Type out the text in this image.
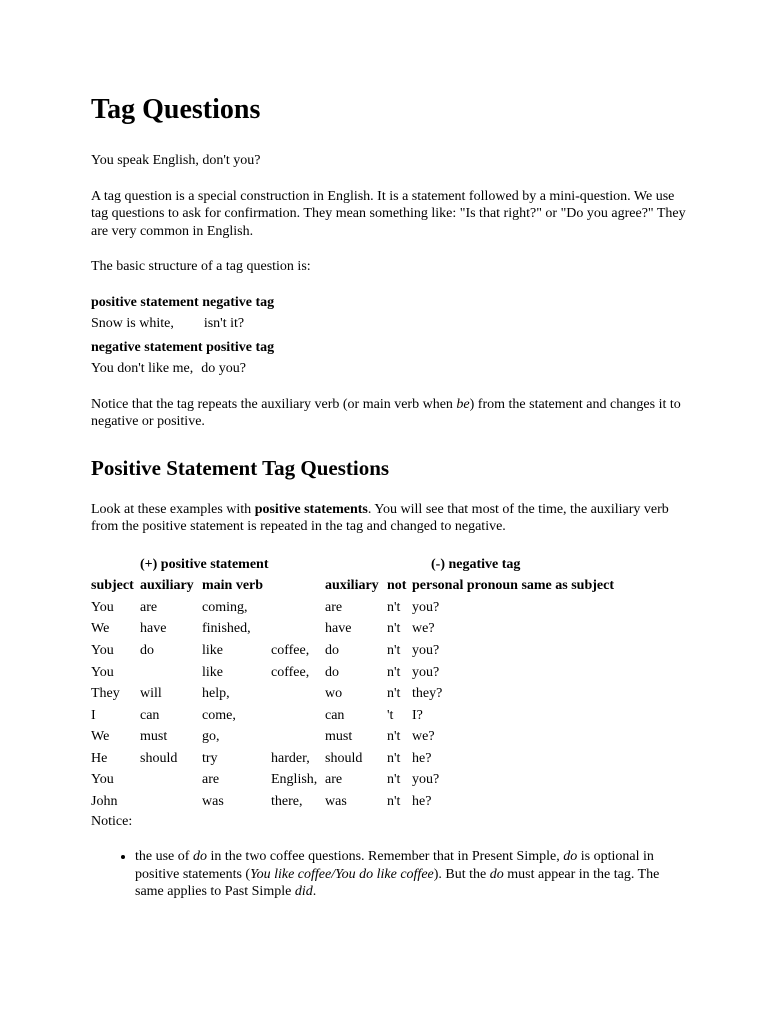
Tag Questions

You speak English, don't you?

A tag question is a special construction in English. It is a statement followed by a mini-question. We use tag questions to ask for confirmation. They mean something like: "Is that right?" or "Do you agree?" They are very common in English.

The basic structure of a tag question is:

positive statement negative tag

Snow is white, isn't it?

negative statement positive tag

You don't like me, do you?

Notice that the tag repeats the auxiliary verb (or main verb when be) from the statement and changes it to negative or positive.

Positive Statement Tag Questions

Look at these examples with positive statements. You will see that most of the time, the auxiliary verb from the positive statement is repeated in the tag and changed to negative.

	(+) positive statement			(-) negative tag		
subject	auxiliary	main verb		auxiliary	not	personal pronoun same as subject
You	are	coming,		are	n't	you?
We	have	finished,		have	n't	we?
You	do	like	coffee,	do	n't	you?
You		like	coffee,	do	n't	you?
They	will	help,		wo	n't	they?
I	can	come,		can	't	I?
We	must	go,		must	n't	we?
He	should	try	harder,	should	n't	he?
You		are	English,	are	n't	you?
John		was	there,	was	n't	he?

Notice:

• the use of do in the two coffee questions. Remember that in Present Simple, do is optional in positive statements (You like coffee/You do like coffee). But the do must appear in the tag. The same applies to Past Simple did.
